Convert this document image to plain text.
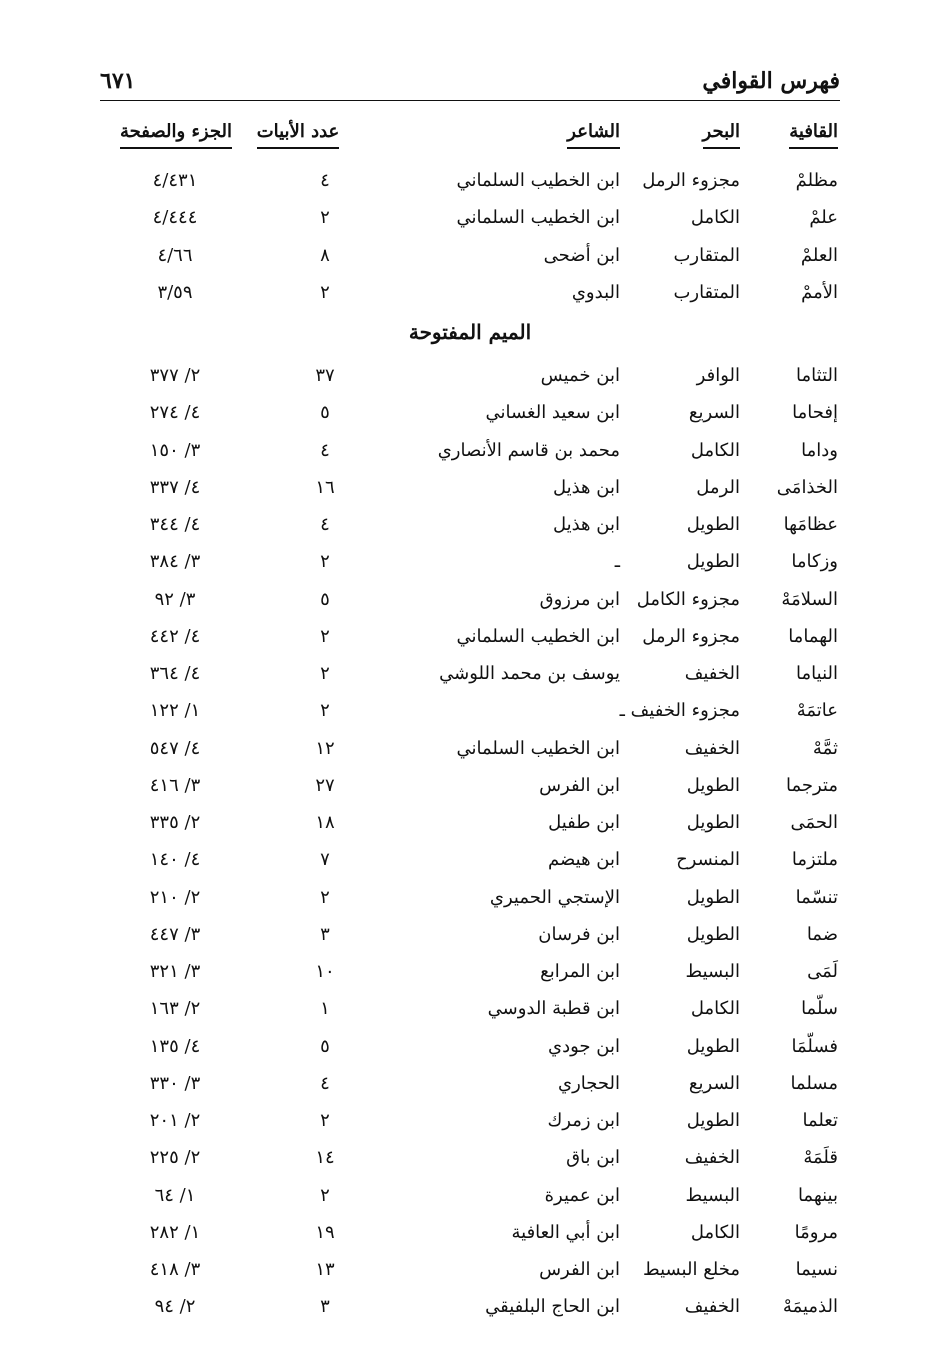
فهرس القوافي
٦٧١
القافية
البحر
الشاعر
عدد الأبيات
الجزء والصفحة
مظلمْ
مجزوء الرمل
ابن الخطيب السلماني
٤
٤/٤٣١
علمْ
الكامل
ابن الخطيب السلماني
٢
٤/٤٤٤
العلمْ
المتقارب
ابن أضحى
٨
٤/٦٦
الأممْ
المتقارب
البدوي
٢
٣/٥٩
الميم المفتوحة
التثاما
الوافر
ابن خميس
٣٧
٢/ ٣٧٧
إفحاما
السريع
ابن سعيد الغساني
٥
٤/ ٢٧٤
وداما
الكامل
محمد بن قاسم الأنصاري
٤
٣/ ١٥٠
الخذامَى
الرمل
ابن هذيل
١٦
٤/ ٣٣٧
عظامَها
الطويل
ابن هذيل
٤
٤/ ٣٤٤
وزكاما
الطويل
ـ
٢
٣/ ٣٨٤
السلامَهْ
مجزوء الكامل
ابن مرزوق
٥
٣/ ٩٢
الهماما
مجزوء الرمل
ابن الخطيب السلماني
٢
٤/ ٤٤٢
النياما
الخفيف
يوسف بن محمد اللوشي
٢
٤/ ٣٦٤
عاتمَهْ
مجزوء الخفيف ـ
٢
١/ ١٢٢
ثمَّهْ
الخفيف
ابن الخطيب السلماني
١٢
٤/ ٥٤٧
مترجما
الطويل
ابن الفرس
٢٧
٣/ ٤١٦
الحمَى
الطويل
ابن طفيل
١٨
٢/ ٣٣٥
ملتزما
المنسرح
ابن هيضم
٧
٤/ ١٤٠
تنسّما
الطويل
الإستجي الحميري
٢
٢/ ٢١٠
ضما
الطويل
ابن فرسان
٣
٣/ ٤٤٧
لَمَى
البسيط
ابن المرابع
١٠
٣/ ٣٢١
سلّما
الكامل
ابن قطبة الدوسي
١
٢/ ١٦٣
فسلّمَا
الطويل
ابن جودي
٥
٤/ ١٣٥
مسلما
السريع
الحجاري
٤
٣/ ٣٣٠
تعلما
الطويل
ابن زمرك
٢
٢/ ٢٠١
قلَمَهْ
الخفيف
ابن باق
١٤
٢/ ٢٢٥
بينهما
البسيط
ابن عميرة
٢
١/ ٦٤
مرومًا
الكامل
ابن أبي العافية
١٩
١/ ٢٨٢
نسيما
مخلع البسيط
ابن الفرس
١٣
٣/ ٤١٨
الذميمَهْ
الخفيف
ابن الحاج البلفيقي
٣
٢/ ٩٤
